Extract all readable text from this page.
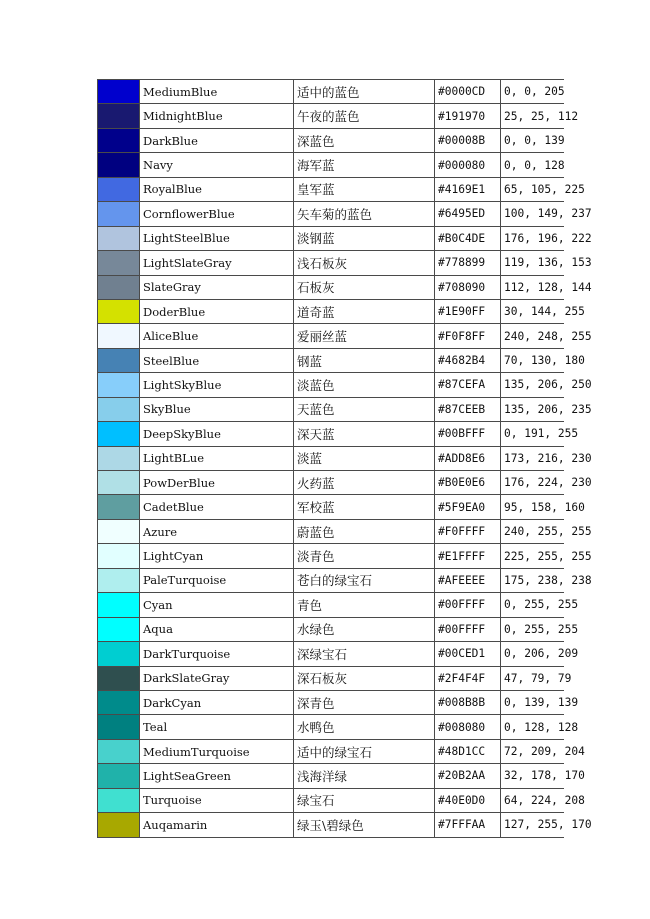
	MediumBlue	适中的蓝色	#0000CD	0, 0, 205
	MidnightBlue	午夜的蓝色	#191970	25, 25, 112
	DarkBlue	深蓝色	#00008B	0, 0, 139
	Navy	海军蓝	#000080	0, 0, 128
	RoyalBlue	皇军蓝	#4169E1	65, 105, 225
	CornflowerBlue	矢车菊的蓝色	#6495ED	100, 149, 237
	LightSteelBlue	淡钢蓝	#B0C4DE	176, 196, 222
	LightSlateGray	浅石板灰	#778899	119, 136, 153
	SlateGray	石板灰	#708090	112, 128, 144
	DoderBlue	道奇蓝	#1E90FF	30, 144, 255
	AliceBlue	爱丽丝蓝	#F0F8FF	240, 248, 255
	SteelBlue	钢蓝	#4682B4	70, 130, 180
	LightSkyBlue	淡蓝色	#87CEFA	135, 206, 250
	SkyBlue	天蓝色	#87CEEB	135, 206, 235
	DeepSkyBlue	深天蓝	#00BFFF	0, 191, 255
	LightBLue	淡蓝	#ADD8E6	173, 216, 230
	PowDerBlue	火药蓝	#B0E0E6	176, 224, 230
	CadetBlue	军校蓝	#5F9EA0	95, 158, 160
	Azure	蔚蓝色	#F0FFFF	240, 255, 255
	LightCyan	淡青色	#E1FFFF	225, 255, 255
	PaleTurquoise	苍白的绿宝石	#AFEEEE	175, 238, 238
	Cyan	青色	#00FFFF	0, 255, 255
	Aqua	水绿色	#00FFFF	0, 255, 255
	DarkTurquoise	深绿宝石	#00CED1	0, 206, 209
	DarkSlateGray	深石板灰	#2F4F4F	47, 79, 79
	DarkCyan	深青色	#008B8B	0, 139, 139
	Teal	水鸭色	#008080	0, 128, 128
	MediumTurquoise	适中的绿宝石	#48D1CC	72, 209, 204
	LightSeaGreen	浅海洋绿	#20B2AA	32, 178, 170
	Turquoise	绿宝石	#40E0D0	64, 224, 208
	Auqamarin	绿玉\碧绿色	#7FFFAA	127, 255, 170
